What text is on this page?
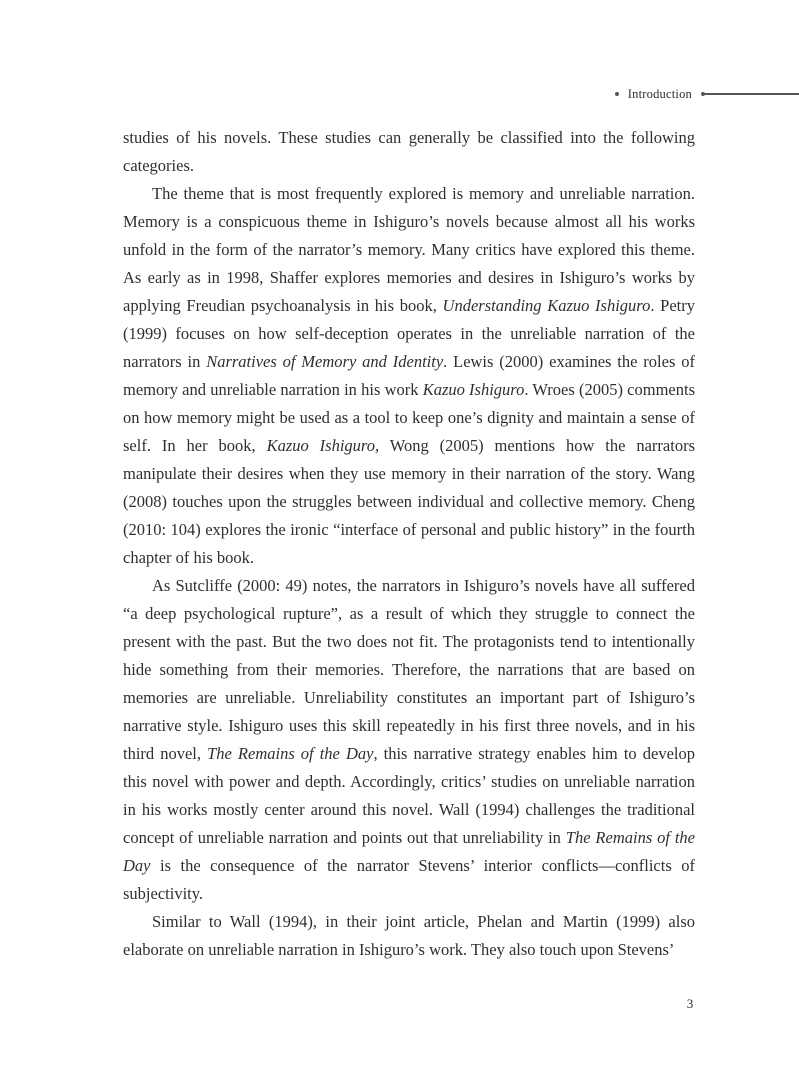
Introduction

studies of his novels. These studies can generally be classified into the following categories.

The theme that is most frequently explored is memory and unreliable narration. Memory is a conspicuous theme in Ishiguro’s novels because almost all his works unfold in the form of the narrator’s memory. Many critics have explored this theme. As early as in 1998, Shaffer explores memories and desires in Ishiguro’s works by applying Freudian psychoanalysis in his book, Understanding Kazuo Ishiguro. Petry (1999) focuses on how self-deception operates in the unreliable narration of the narrators in Narratives of Memory and Identity. Lewis (2000) examines the roles of memory and unreliable narration in his work Kazuo Ishiguro. Wroes (2005) comments on how memory might be used as a tool to keep one’s dignity and maintain a sense of self. In her book, Kazuo Ishiguro, Wong (2005) mentions how the narrators manipulate their desires when they use memory in their narration of the story. Wang (2008) touches upon the struggles between individual and collective memory. Cheng (2010: 104) explores the ironic “interface of personal and public history” in the fourth chapter of his book.

As Sutcliffe (2000: 49) notes, the narrators in Ishiguro’s novels have all suffered “a deep psychological rupture”, as a result of which they struggle to connect the present with the past. But the two does not fit. The protagonists tend to intentionally hide something from their memories. Therefore, the narrations that are based on memories are unreliable. Unreliability constitutes an important part of Ishiguro’s narrative style. Ishiguro uses this skill repeatedly in his first three novels, and in his third novel, The Remains of the Day, this narrative strategy enables him to develop this novel with power and depth. Accordingly, critics’ studies on unreliable narration in his works mostly center around this novel. Wall (1994) challenges the traditional concept of unreliable narration and points out that unreliability in The Remains of the Day is the consequence of the narrator Stevens’ interior conflicts—conflicts of subjectivity.

Similar to Wall (1994), in their joint article, Phelan and Martin (1999) also elaborate on unreliable narration in Ishiguro’s work. They also touch upon Stevens’

3
